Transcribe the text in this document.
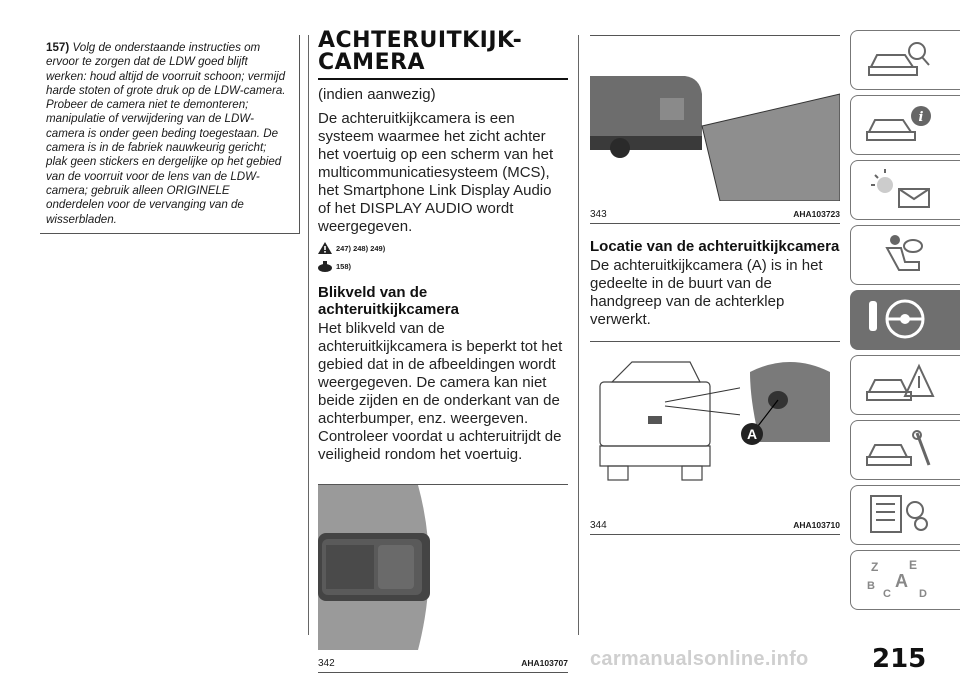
157) Volg de onderstaande instructies om ervoor te zorgen dat de LDW goed blijft werken: houd altijd de voorruit schoon; vermijd harde stoten of grote druk op de LDW-camera. Probeer de camera niet te demonteren; manipulatie of verwijdering van de LDW-camera is onder geen beding toegestaan. De camera is in de fabriek nauwkeurig gericht; plak geen stickers en dergelijke op het gebied van de voorruit voor de lens van de LDW-camera; gebruik alleen ORIGINELE onderdelen voor de vervanging van de wisserbladen.
ACHTERUITKIJK-
CAMERA

(indien aanwezig)

De achteruitkijkcamera is een systeem waarmee het zicht achter het voertuig op een scherm van het multicommunicatiesysteem (MCS), het Smartphone Link Display Audio of het DISPLAY AUDIO wordt weergegeven.

247) 248) 249)
158)
Blikveld van de achteruitkijkcamera

Het blikveld van de achteruitkijkcamera is beperkt tot het gebied dat in de afbeeldingen wordt weergegeven. De camera kan niet beide zijden en de onderkant van de achterbumper, enz. weergeven. Controleer voordat u achteruitrijdt de veiligheid rondom het voertuig.

342	AHA103707
343	AHA103723
Locatie van de achteruitkijkcamera

De achteruitkijkcamera (A) is in het gedeelte in de buurt van de handgreep van de achterklep verwerkt.

A
344	AHA103710
i
Z	E
B A
C	D
carmanualsonline.info 215
